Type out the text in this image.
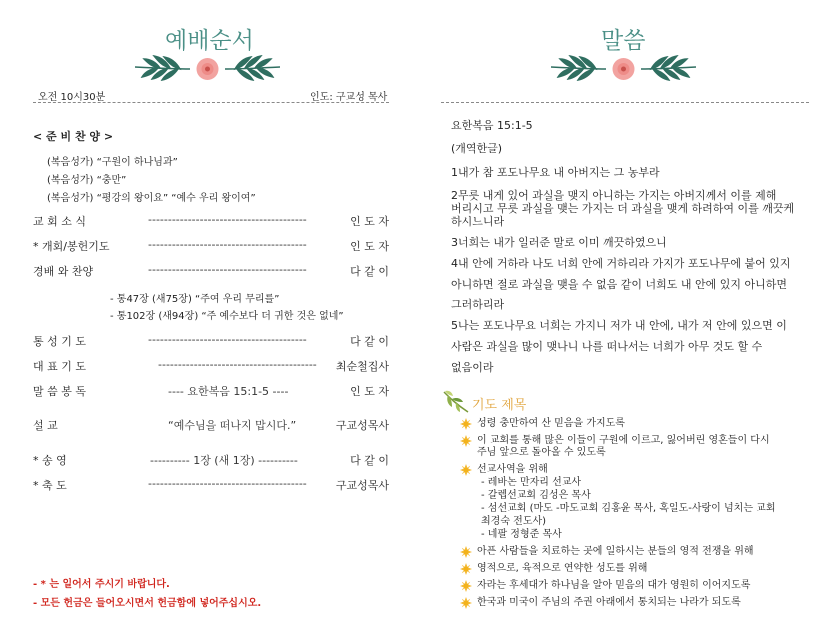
예배순서
오전 10시30분	인도: 구교성 목사
< 준 비 찬 양 >
(복음성가) “구원이 하나님과”
(복음성가) “충만”
(복음성가) “평강의 왕이요” “예수 우리 왕이여”
교 회 소 식	----------------------------------------	인 도 자
* 개회/봉헌기도	----------------------------------------	인 도 자
경배 와 찬양	----------------------------------------	다 같 이
- 통47장 (새75장) “주여 우리 무리를”
- 통102장 (새94장) “주 예수보다 더 귀한 것은 없네”
통 성 기 도	----------------------------------------	다 같 이
대 표 기 도	---------------------------------------- 최순철집사
말 씀 봉 독	---- 요한복음 15:1-5 ----	인 도 자
설 교	“예수님을 떠나지 맙시다.”	구교성목사
* 송 영	---------- 1장 (새 1장) ----------	다 같 이
* 축 도	----------------------------------------	구교성목사
- * 는 일어서 주시기 바랍니다.
- 모든 헌금은 들어오시면서 헌금함에 넣어주십시오.
말씀
요한복음 15:1-5
(개역한글)
1내가 참 포도나무요 내 아버지는 그 농부라
2무릇 내게 있어 과실을 맺지 아니하는 가지는 아버지께서 이를 제해
버리시고 무릇 과실을 맺는 가지는 더 과실을 맺게 하려하여 이를 깨끗케
하시느니라
3너희는 내가 일러준 말로 이미 깨끗하였으니
4내 안에 거하라 나도 너희 안에 거하리라 가지가 포도나무에 붙어 있지
아니하면 절로 과실을 맺을 수 없음 같이 너희도 내 안에 있지 아니하면
그러하리라
5나는 포도나무요 너희는 가지니 저가 내 안에, 내가 저 안에 있으면 이
사람은 과실을 많이 맺나니 나를 떠나서는 너희가 아무 것도 할 수
없음이라
기도 제목
성령 충만하여 산 믿음을 가지도록
이 교회를 통해 많은 이들이 구원에 이르고, 잃어버린 영혼들이 다시
주님 앞으로 돌아올 수 있도록
선교사역을 위해
- 레바논 만자리 선교사
- 갈렙선교회 김성은 목사
- 섬선교회 (마도 -마도교회 김홍윤 목사, 혹일도-사랑이 넘치는 교회
최경숙 전도사)
- 네팔 정형준 목사
아픈 사람들을 치료하는 곳에 일하시는 분들의 영적 전쟁을 위해
영적으로, 육적으로 연약한 성도를 위해
자라는 후세대가 하나님을 알아 믿음의 대가 영원히 이어지도록
한국과 미국이 주님의 주권 아래에서 통치되는 나라가 되도록
